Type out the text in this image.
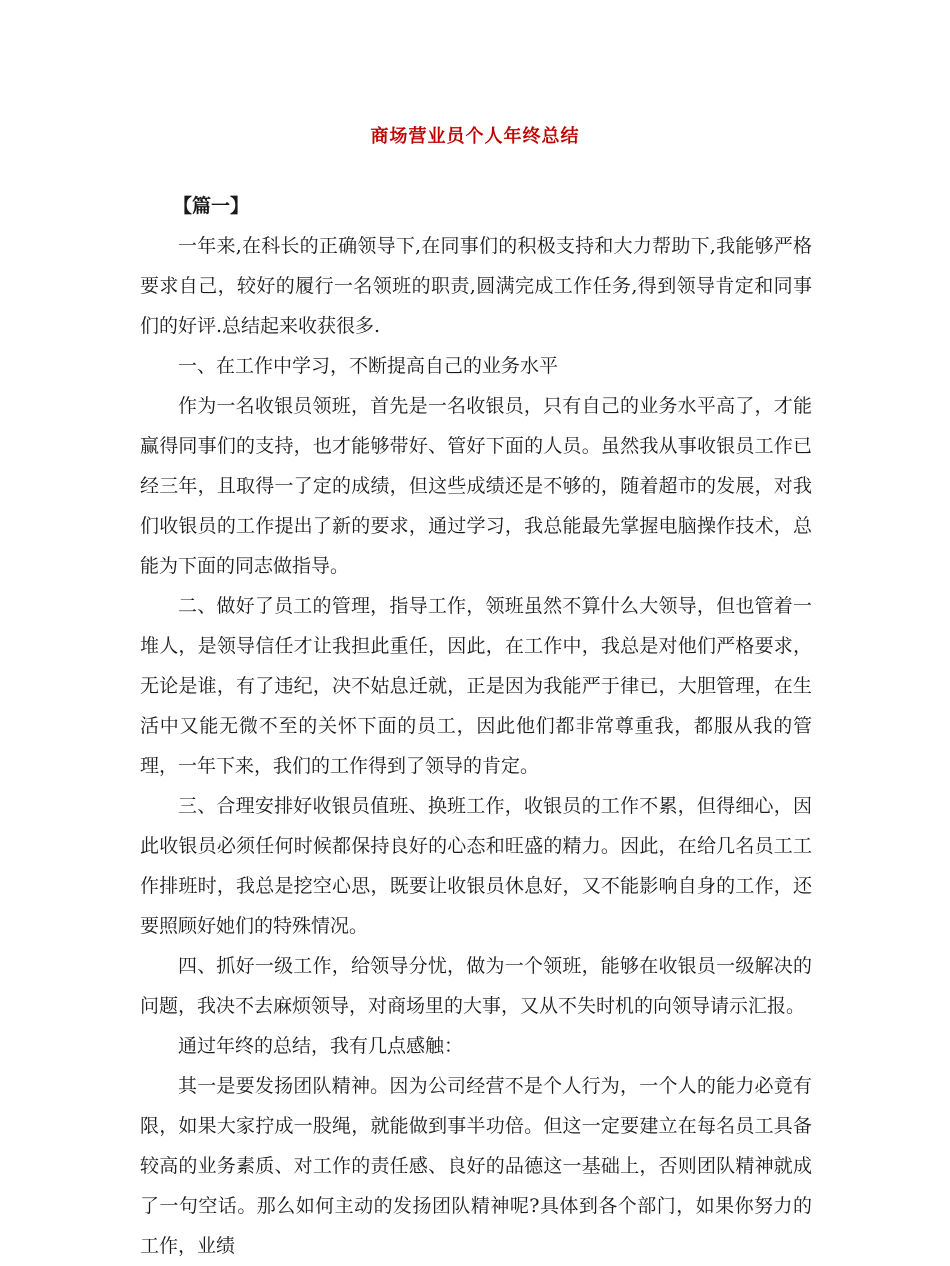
商场营业员个人年终总结

【篇一】

一年来,在科长的正确领导下,在同事们的积极支持和大力帮助下,我能够严格要求自己，较好的履行一名领班的职责,圆满完成工作任务,得到领导肯定和同事们的好评.总结起来收获很多.

一、在工作中学习，不断提高自己的业务水平

作为一名收银员领班，首先是一名收银员，只有自己的业务水平高了，才能赢得同事们的支持，也才能够带好、管好下面的人员。虽然我从事收银员工作已经三年，且取得一了定的成绩，但这些成绩还是不够的，随着超市的发展，对我们收银员的工作提出了新的要求，通过学习，我总能最先掌握电脑操作技术，总能为下面的同志做指导。

二、做好了员工的管理，指导工作，领班虽然不算什么大领导，但也管着一堆人，是领导信任才让我担此重任，因此，在工作中，我总是对他们严格要求，无论是谁，有了违纪，决不姑息迁就，正是因为我能严于律已，大胆管理，在生活中又能无微不至的关怀下面的员工，因此他们都非常尊重我，都服从我的管理，一年下来，我们的工作得到了领导的肯定。

三、合理安排好收银员值班、换班工作，收银员的工作不累，但得细心，因此收银员必须任何时候都保持良好的心态和旺盛的精力。因此，在给几名员工工作排班时，我总是挖空心思，既要让收银员休息好，又不能影响自身的工作，还要照顾好她们的特殊情况。

四、抓好一级工作，给领导分忧，做为一个领班，能够在收银员一级解决的问题，我决不去麻烦领导，对商场里的大事，又从不失时机的向领导请示汇报。

通过年终的总结，我有几点感触：

其一是要发扬团队精神。因为公司经营不是个人行为，一个人的能力必竟有限，如果大家拧成一股绳，就能做到事半功倍。但这一定要建立在每名员工具备较高的业务素质、对工作的责任感、良好的品德这一基础上，否则团队精神就成了一句空话。那么如何主动的发扬团队精神呢?具体到各个部门，如果你努力的工作，业绩
